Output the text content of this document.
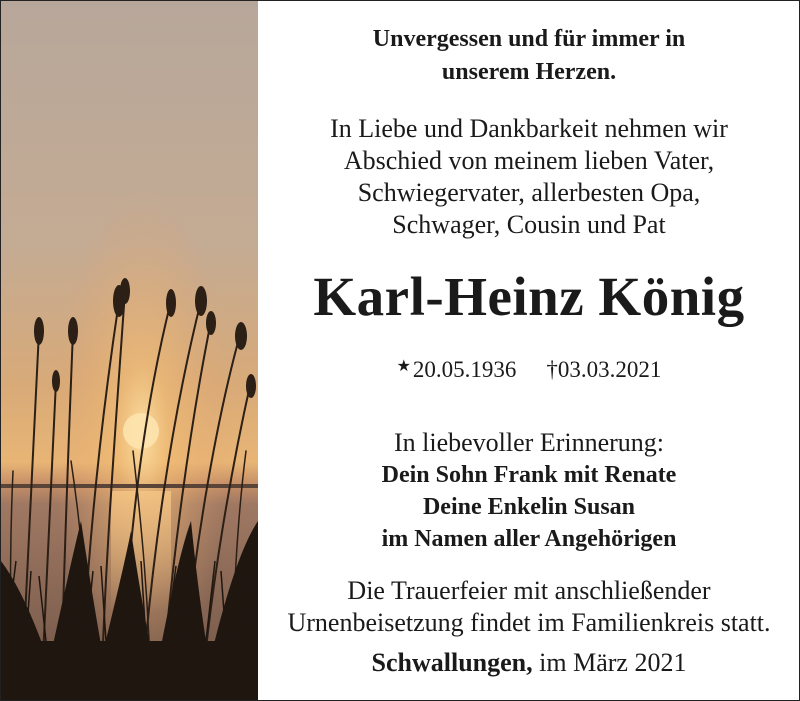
Unvergessen und für immer in
unserem Herzen.
In Liebe und Dankbarkeit nehmen wir
Abschied von meinem lieben Vater,
Schwiegervater, allerbesten Opa,
Schwager, Cousin und Pat
Karl-Heinz König
★20.05.1936 †03.03.2021
In liebevoller Erinnerung:
Dein Sohn Frank mit Renate
Deine Enkelin Susan
im Namen aller Angehörigen
Die Trauerfeier mit anschließender
Urnenbeisetzung findet im Familienkreis statt.
Schwallungen, im März 2021
